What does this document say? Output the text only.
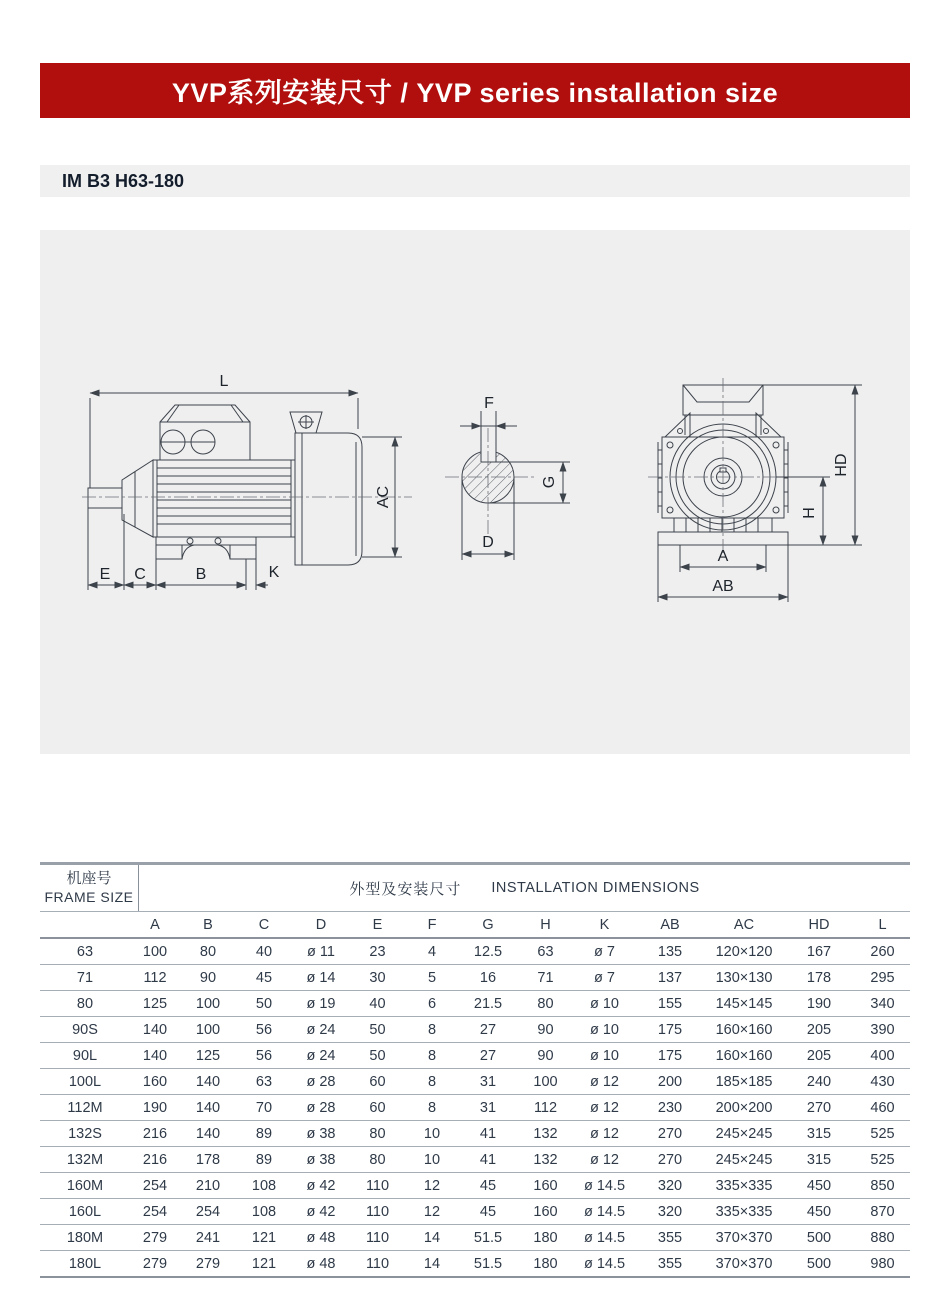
YVP系列安装尺寸 / YVP series installation size
IM B3 H63-180
L
AC
E C	B	K
F
G
D
HD
H
A
AB
机座号
FRAME SIZE	外型及安装尺寸 INSTALLATION DIMENSIONS
	A	B	C	D	E	F	G	H	K	AB	AC	HD	L
63	100	80	40	ø 11	23	4	12.5	63	ø 7	135	120×120	167	260
71	112	90	45	ø 14	30	5	16	71	ø 7	137	130×130	178	295
80	125	100	50	ø 19	40	6	21.5	80	ø 10	155	145×145	190	340
90S	140	100	56	ø 24	50	8	27	90	ø 10	175	160×160	205	390
90L	140	125	56	ø 24	50	8	27	90	ø 10	175	160×160	205	400
100L	160	140	63	ø 28	60	8	31	100	ø 12	200	185×185	240	430
112M	190	140	70	ø 28	60	8	31	112	ø 12	230	200×200	270	460
132S	216	140	89	ø 38	80	10	41	132	ø 12	270	245×245	315	525
132M	216	178	89	ø 38	80	10	41	132	ø 12	270	245×245	315	525
160M	254	210	108	ø 42	110	12	45	160	ø 14.5	320	335×335	450	850
160L	254	254	108	ø 42	110	12	45	160	ø 14.5	320	335×335	450	870
180M	279	241	121	ø 48	110	14	51.5	180	ø 14.5	355	370×370	500	880
180L	279	279	121	ø 48	110	14	51.5	180	ø 14.5	355	370×370	500	980
